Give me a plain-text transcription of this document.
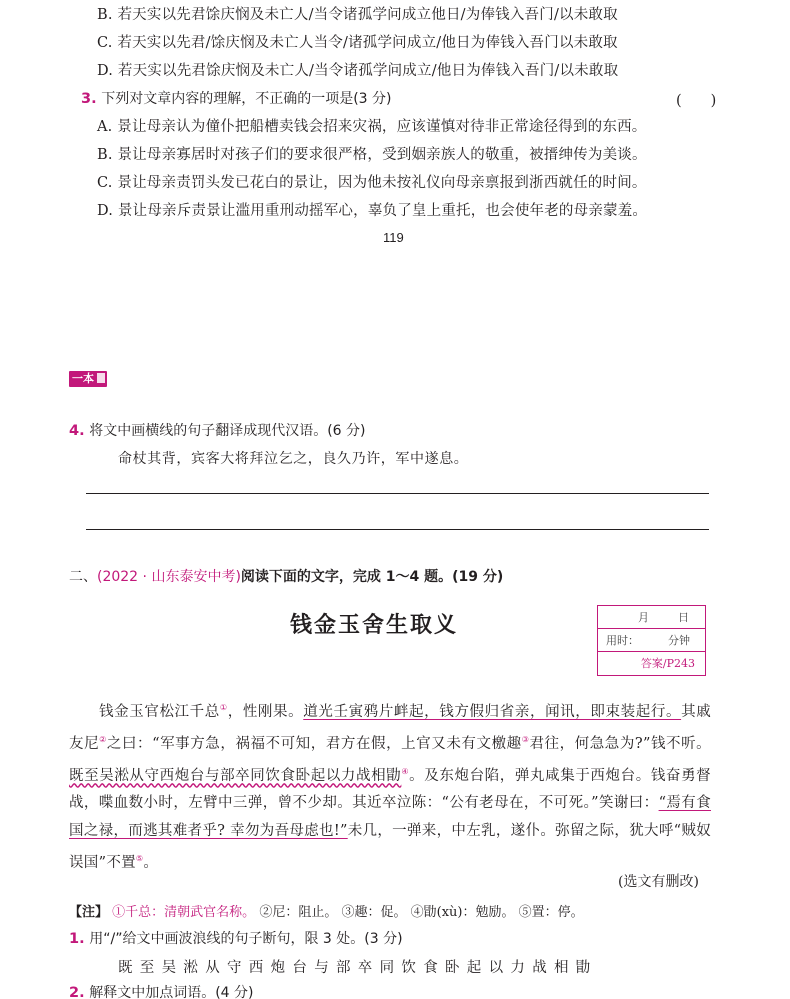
B. 若天实以先君馀庆悯及未亡人/当令诸孤学问成立他日/为俸钱入吾门/以未敢取
C. 若天实以先君/馀庆悯及未亡人当令/诸孤学问成立/他日为俸钱入吾门以未敢取
D. 若天实以先君馀庆悯及未亡人/当令诸孤学问成立/他日为俸钱入吾门/以未敢取
3. 下列对文章内容的理解，不正确的一项是(3 分)	(　　)
A. 景让母亲认为僮仆把船槽卖钱会招来灾祸，应该谨慎对待非正常途径得到的东西。
B. 景让母亲寡居时对孩子们的要求很严格，受到姻亲族人的敬重，被搢绅传为美谈。
C. 景让母亲责罚头发已花白的景让，因为他未按礼仪向母亲禀报到浙西就任的时间。
D. 景让母亲斥责景让滥用重刑动摇军心，辜负了皇上重托，也会使年老的母亲蒙羞。
119
一本
4. 将文中画横线的句子翻译成现代汉语。(6 分)
命杖其背，宾客大将拜泣乞之，良久乃许，军中遂息。
二、(2022 · 山东泰安中考)阅读下面的文字，完成 1～4 题。(19 分)
钱金玉舍生取义	月	日
用时：	分钟
答案/P243
钱金玉官松江千总①，性刚果。道光壬寅鸦片衅起，钱方假归省亲，闻讯，即束装起行。其戚友尼②之曰：“军事方急，祸福不可知，君方在假，上官又未有文檄趣③君往，何急急为?”钱不听。既至吴淞从守西炮台与部卒同饮食卧起以力战相勖④。及东炮台陷，弹丸咸集于西炮台。钱奋勇督战，喋血数小时，左臂中三弹，曾不少却。其近卒泣陈：“公有老母在，不可死。”笑谢曰：“焉有食国之禄，而逃其难者乎? 幸勿为吾母虑也!”未几，一弹来，中左乳，遂仆。弥留之际，犹大呼“贼奴误国”不置⑤。
(选文有删改)
【注】 ①千总：清朝武官名称。 ②尼：阻止。 ③趣：促。 ④勖(xù)：勉励。 ⑤置：停。
1. 用“/”给文中画波浪线的句子断句，限 3 处。(3 分)
既至吴淞从守西炮台与部卒同饮食卧起以力战相勖
2. 解释文中加点词语。(4 分)
